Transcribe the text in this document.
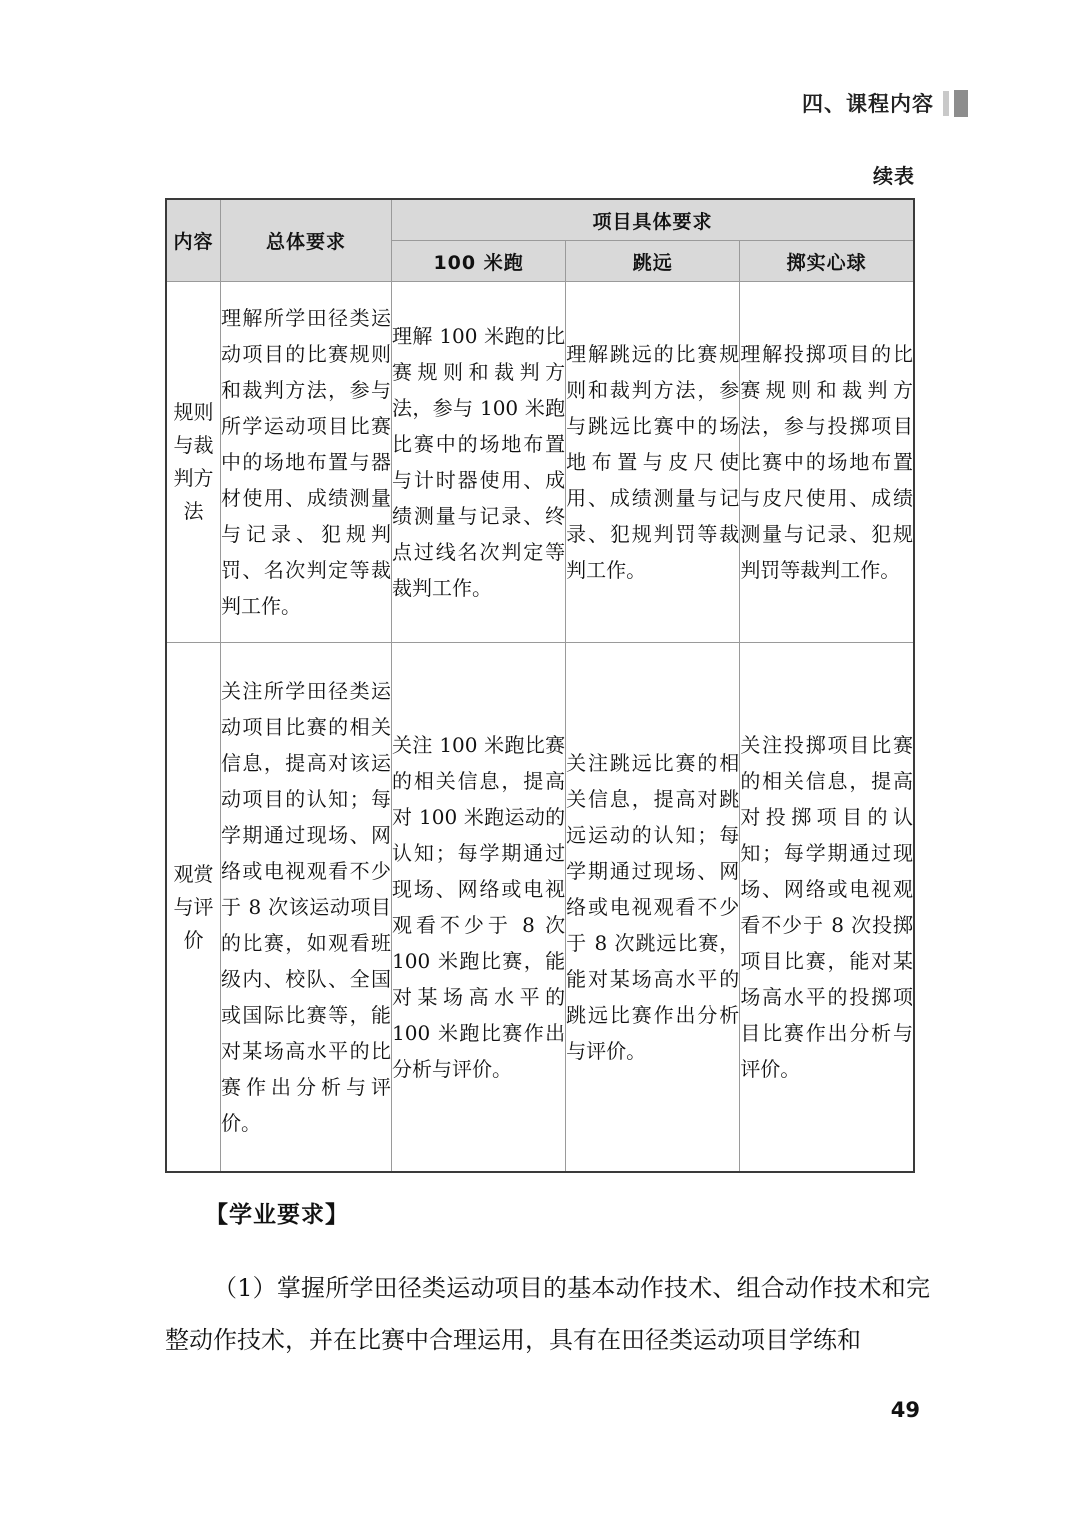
四、课程内容
续表
内容	总体要求	项目具体要求		
		100 米跑	跳远	掷实心球

规则与裁判方法	理解所学田径类运动项目的比赛规则和裁判方法，参与所学运动项目比赛中的场地布置与器材使用、成绩测量与记录、犯规判罚、名次判定等裁判工作。	理解 100 米跑的比赛规则和裁判方法，参与 100 米跑比赛中的场地布置与计时器使用、成绩测量与记录、终点过线名次判定等裁判工作。	理解跳远的比赛规则和裁判方法，参与跳远比赛中的场地布置与皮尺使用、成绩测量与记录、犯规判罚等裁判工作。	理解投掷项目的比赛规则和裁判方法，参与投掷项目比赛中的场地布置与皮尺使用、成绩测量与记录、犯规判罚等裁判工作。

观赏与评价	关注所学田径类运动项目比赛的相关信息，提高对该运动项目的认知；每学期通过现场、网络或电视观看不少于 8 次该运动项目的比赛，如观看班级内、校队、全国或国际比赛等，能对某场高水平的比赛作出分析与评价。	关注 100 米跑比赛的相关信息，提高对 100 米跑运动的认知；每学期通过现场、网络或电视观看不少于 8 次 100 米跑比赛，能对某场高水平的 100 米跑比赛作出分析与评价。	关注跳远比赛的相关信息，提高对跳远运动的认知；每学期通过现场、网络或电视观看不少于 8 次跳远比赛，能对某场高水平的跳远比赛作出分析与评价。	关注投掷项目比赛的相关信息，提高对投掷项目的认知；每学期通过现场、网络或电视观看不少于 8 次投掷项目比赛，能对某场高水平的投掷项目比赛作出分析与评价。
【学业要求】
（1）掌握所学田径类运动项目的基本动作技术、组合动作技术和完整动作技术，并在比赛中合理运用，具有在田径类运动项目学练和
49
